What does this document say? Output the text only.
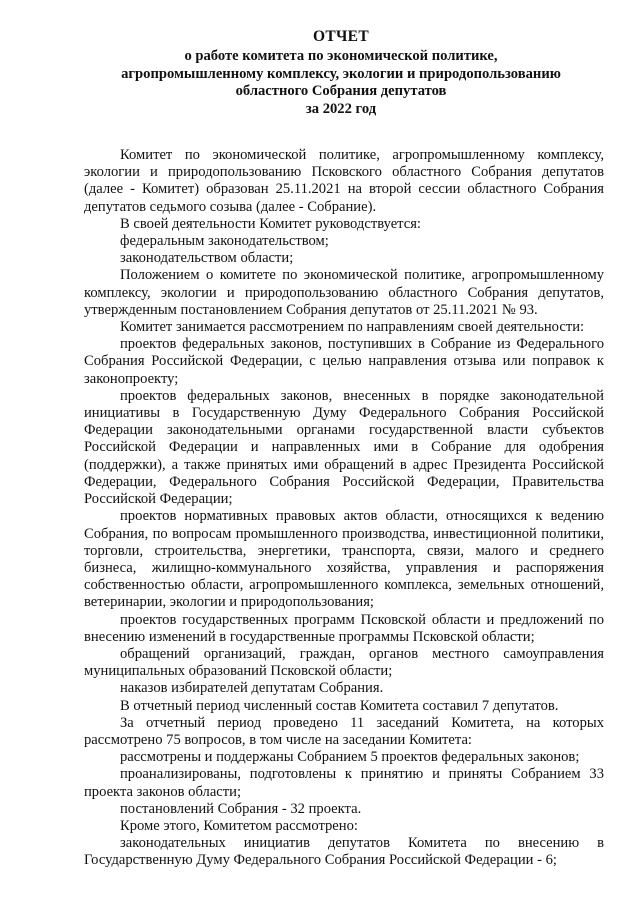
ОТЧЕТ
о работе комитета по экономической политике,
агропромышленному комплексу, экологии и природопользованию
областного Собрания депутатов
за 2022 год

Комитет по экономической политике, агропромышленному комплексу, экологии и природопользованию Псковского областного Собрания депутатов (далее - Комитет) образован 25.11.2021 на второй сессии областного Собрания депутатов седьмого созыва (далее - Собрание).

В своей деятельности Комитет руководствуется:

федеральным законодательством;

законодательством области;

Положением о комитете по экономической политике, агропромышленному комплексу, экологии и природопользованию областного Собрания депутатов, утвержденным постановлением Собрания депутатов от 25.11.2021 № 93.

Комитет занимается рассмотрением по направлениям своей деятельности:

проектов федеральных законов, поступивших в Собрание из Федерального Собрания Российской Федерации, с целью направления отзыва или поправок к законопроекту;

проектов федеральных законов, внесенных в порядке законодательной инициативы в Государственную Думу Федерального Собрания Российской Федерации законодательными органами государственной власти субъектов Российской Федерации и направленных ими в Собрание для одобрения (поддержки), а также принятых ими обращений в адрес Президента Российской Федерации, Федерального Собрания Российской Федерации, Правительства Российской Федерации;

проектов нормативных правовых актов области, относящихся к ведению Собрания, по вопросам промышленного производства, инвестиционной политики, торговли, строительства, энергетики, транспорта, связи, малого и среднего бизнеса, жилищно-коммунального хозяйства, управления и распоряжения собственностью области, агропромышленного комплекса, земельных отношений, ветеринарии, экологии и природопользования;

проектов государственных программ Псковской области и предложений по внесению изменений в государственные программы Псковской области;

обращений организаций, граждан, органов местного самоуправления муниципальных образований Псковской области;

наказов избирателей депутатам Собрания.

В отчетный период численный состав Комитета составил 7 депутатов.

За отчетный период проведено 11 заседаний Комитета, на которых рассмотрено 75 вопросов, в том числе на заседании Комитета:

рассмотрены и поддержаны Собранием 5 проектов федеральных законов;

проанализированы, подготовлены к принятию и приняты Собранием 33 проекта законов области;

постановлений Собрания - 32 проекта.

Кроме этого, Комитетом рассмотрено:

законодательных инициатив депутатов Комитета по внесению в Государственную Думу Федерального Собрания Российской Федерации - 6;
